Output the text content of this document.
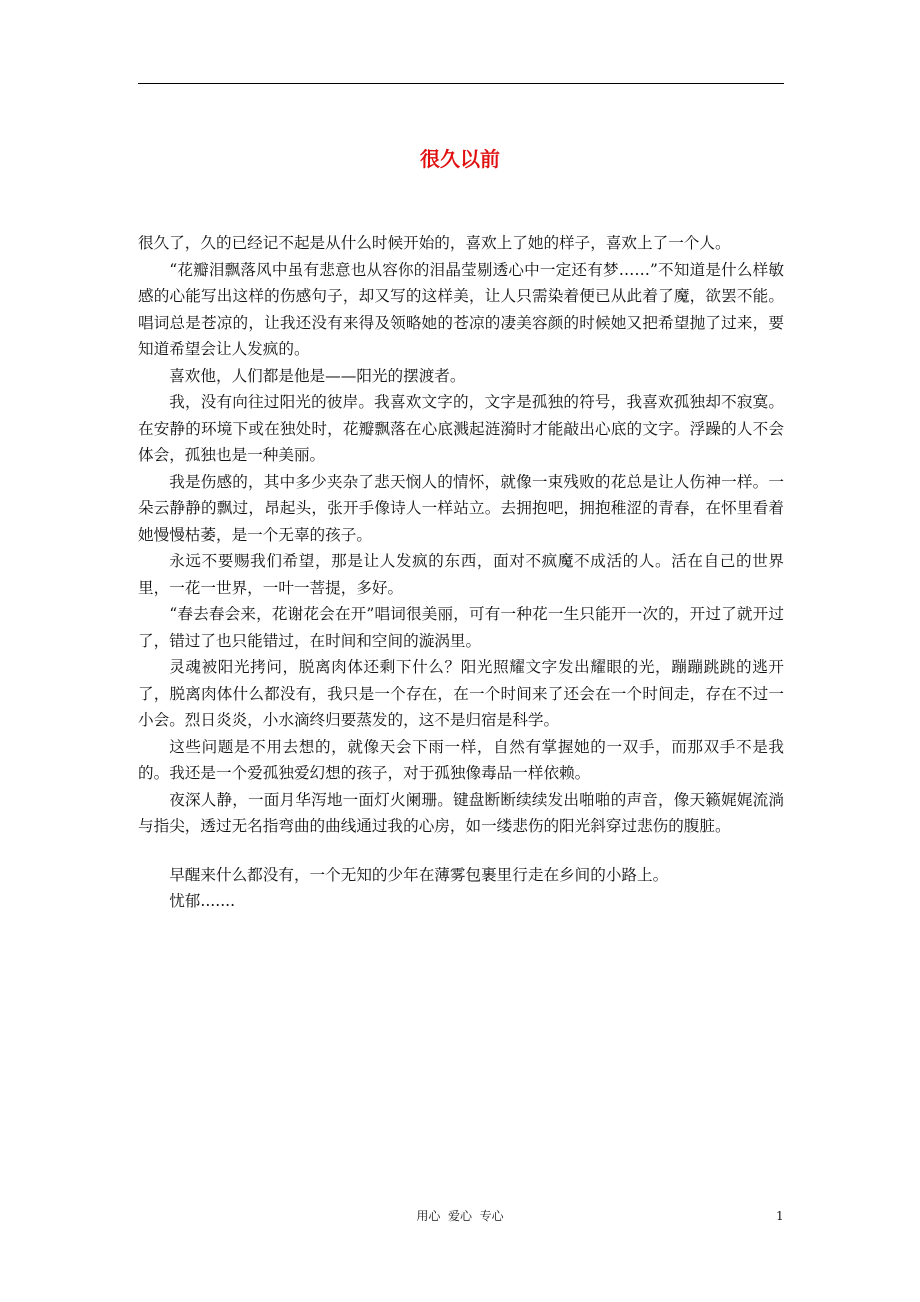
很久以前

很久了，久的已经记不起是从什么时候开始的，喜欢上了她的样子，喜欢上了一个人。

“花瓣泪飘落风中虽有悲意也从容你的泪晶莹剔透心中一定还有梦……”不知道是什么样敏感的心能写出这样的伤感句子，却又写的这样美，让人只需染着便已从此着了魔，欲罢不能。唱词总是苍凉的，让我还没有来得及领略她的苍凉的凄美容颜的时候她又把希望抛了过来，要知道希望会让人发疯的。

喜欢他，人们都是他是——阳光的摆渡者。

我，没有向往过阳光的彼岸。我喜欢文字的，文字是孤独的符号，我喜欢孤独却不寂寞。在安静的环境下或在独处时，花瓣飘落在心底溅起涟漪时才能敲出心底的文字。浮躁的人不会体会，孤独也是一种美丽。

我是伤感的，其中多少夹杂了悲天悯人的情怀，就像一束残败的花总是让人伤神一样。一朵云静静的飘过，昂起头，张开手像诗人一样站立。去拥抱吧，拥抱稚涩的青春，在怀里看着她慢慢枯萎，是一个无辜的孩子。

永远不要赐我们希望，那是让人发疯的东西，面对不疯魔不成活的人。活在自己的世界里，一花一世界，一叶一菩提，多好。

“春去春会来，花谢花会在开”唱词很美丽，可有一种花一生只能开一次的，开过了就开过了，错过了也只能错过，在时间和空间的漩涡里。

灵魂被阳光拷问，脱离肉体还剩下什么？阳光照耀文字发出耀眼的光，蹦蹦跳跳的逃开了，脱离肉体什么都没有，我只是一个存在，在一个时间来了还会在一个时间走，存在不过一小会。烈日炎炎，小水滴终归要蒸发的，这不是归宿是科学。

这些问题是不用去想的，就像天会下雨一样，自然有掌握她的一双手，而那双手不是我的。我还是一个爱孤独爱幻想的孩子，对于孤独像毒品一样依赖。

夜深人静，一面月华泻地一面灯火阑珊。键盘断断续续发出啪啪的声音，像天籁娓娓流淌与指尖，透过无名指弯曲的曲线通过我的心房，如一缕悲伤的阳光斜穿过悲伤的腹脏。

早醒来什么都没有，一个无知的少年在薄雾包裹里行走在乡间的小路上。

忧郁.......

用心  爱心  专心	1
